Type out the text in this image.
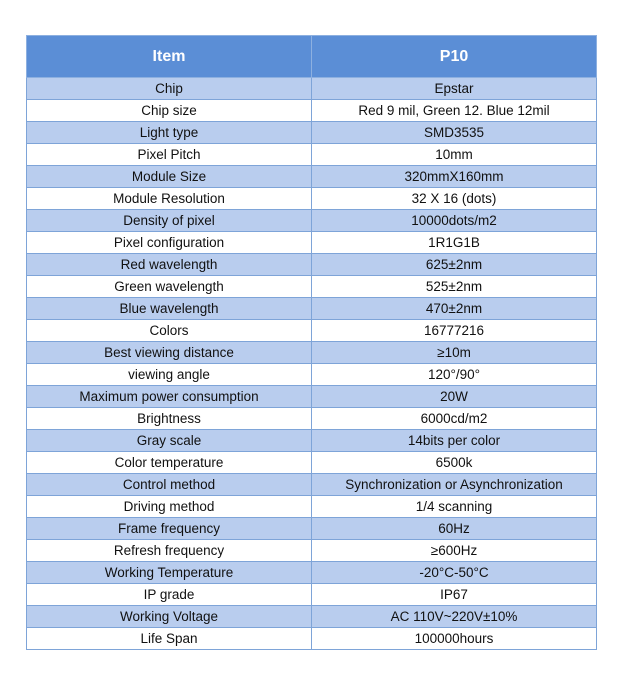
Item	P10
Chip	Epstar
Chip size	Red 9 mil, Green 12. Blue 12mil
Light type	SMD3535
Pixel Pitch	10mm
Module Size	320mmX160mm
Module Resolution	32 X 16 (dots)
Density of pixel	10000dots/m2
Pixel configuration	1R1G1B
Red wavelength	625±2nm
Green wavelength	525±2nm
Blue wavelength	470±2nm
Colors	16777216
Best viewing distance	≥10m
viewing angle	120°/90°
Maximum power consumption	20W
Brightness	6000cd/m2
Gray scale	14bits per color
Color temperature	6500k
Control method	Synchronization or Asynchronization
Driving method	1/4 scanning
Frame frequency	60Hz
Refresh frequency	≥600Hz
Working Temperature	-20°C-50°C
IP grade	IP67
Working Voltage	AC 110V~220V±10%
Life Span	100000hours
